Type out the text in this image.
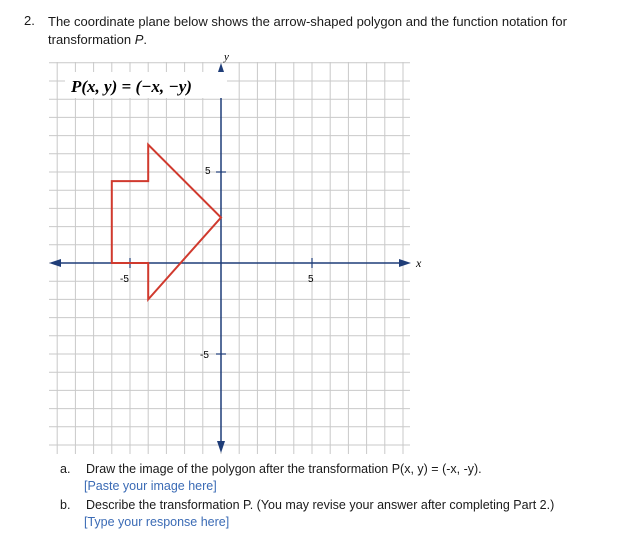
2. The coordinate plane below shows the arrow-shaped polygon and the function notation for transformation P.
P(x, y) = (−x, −y)
y
x
-5	5
5
-5
a. Draw the image of the polygon after the transformation P(x, y) = (-x, -y).
[Paste your image here]
b. Describe the transformation P. (You may revise your answer after completing Part 2.)
[Type your response here]
